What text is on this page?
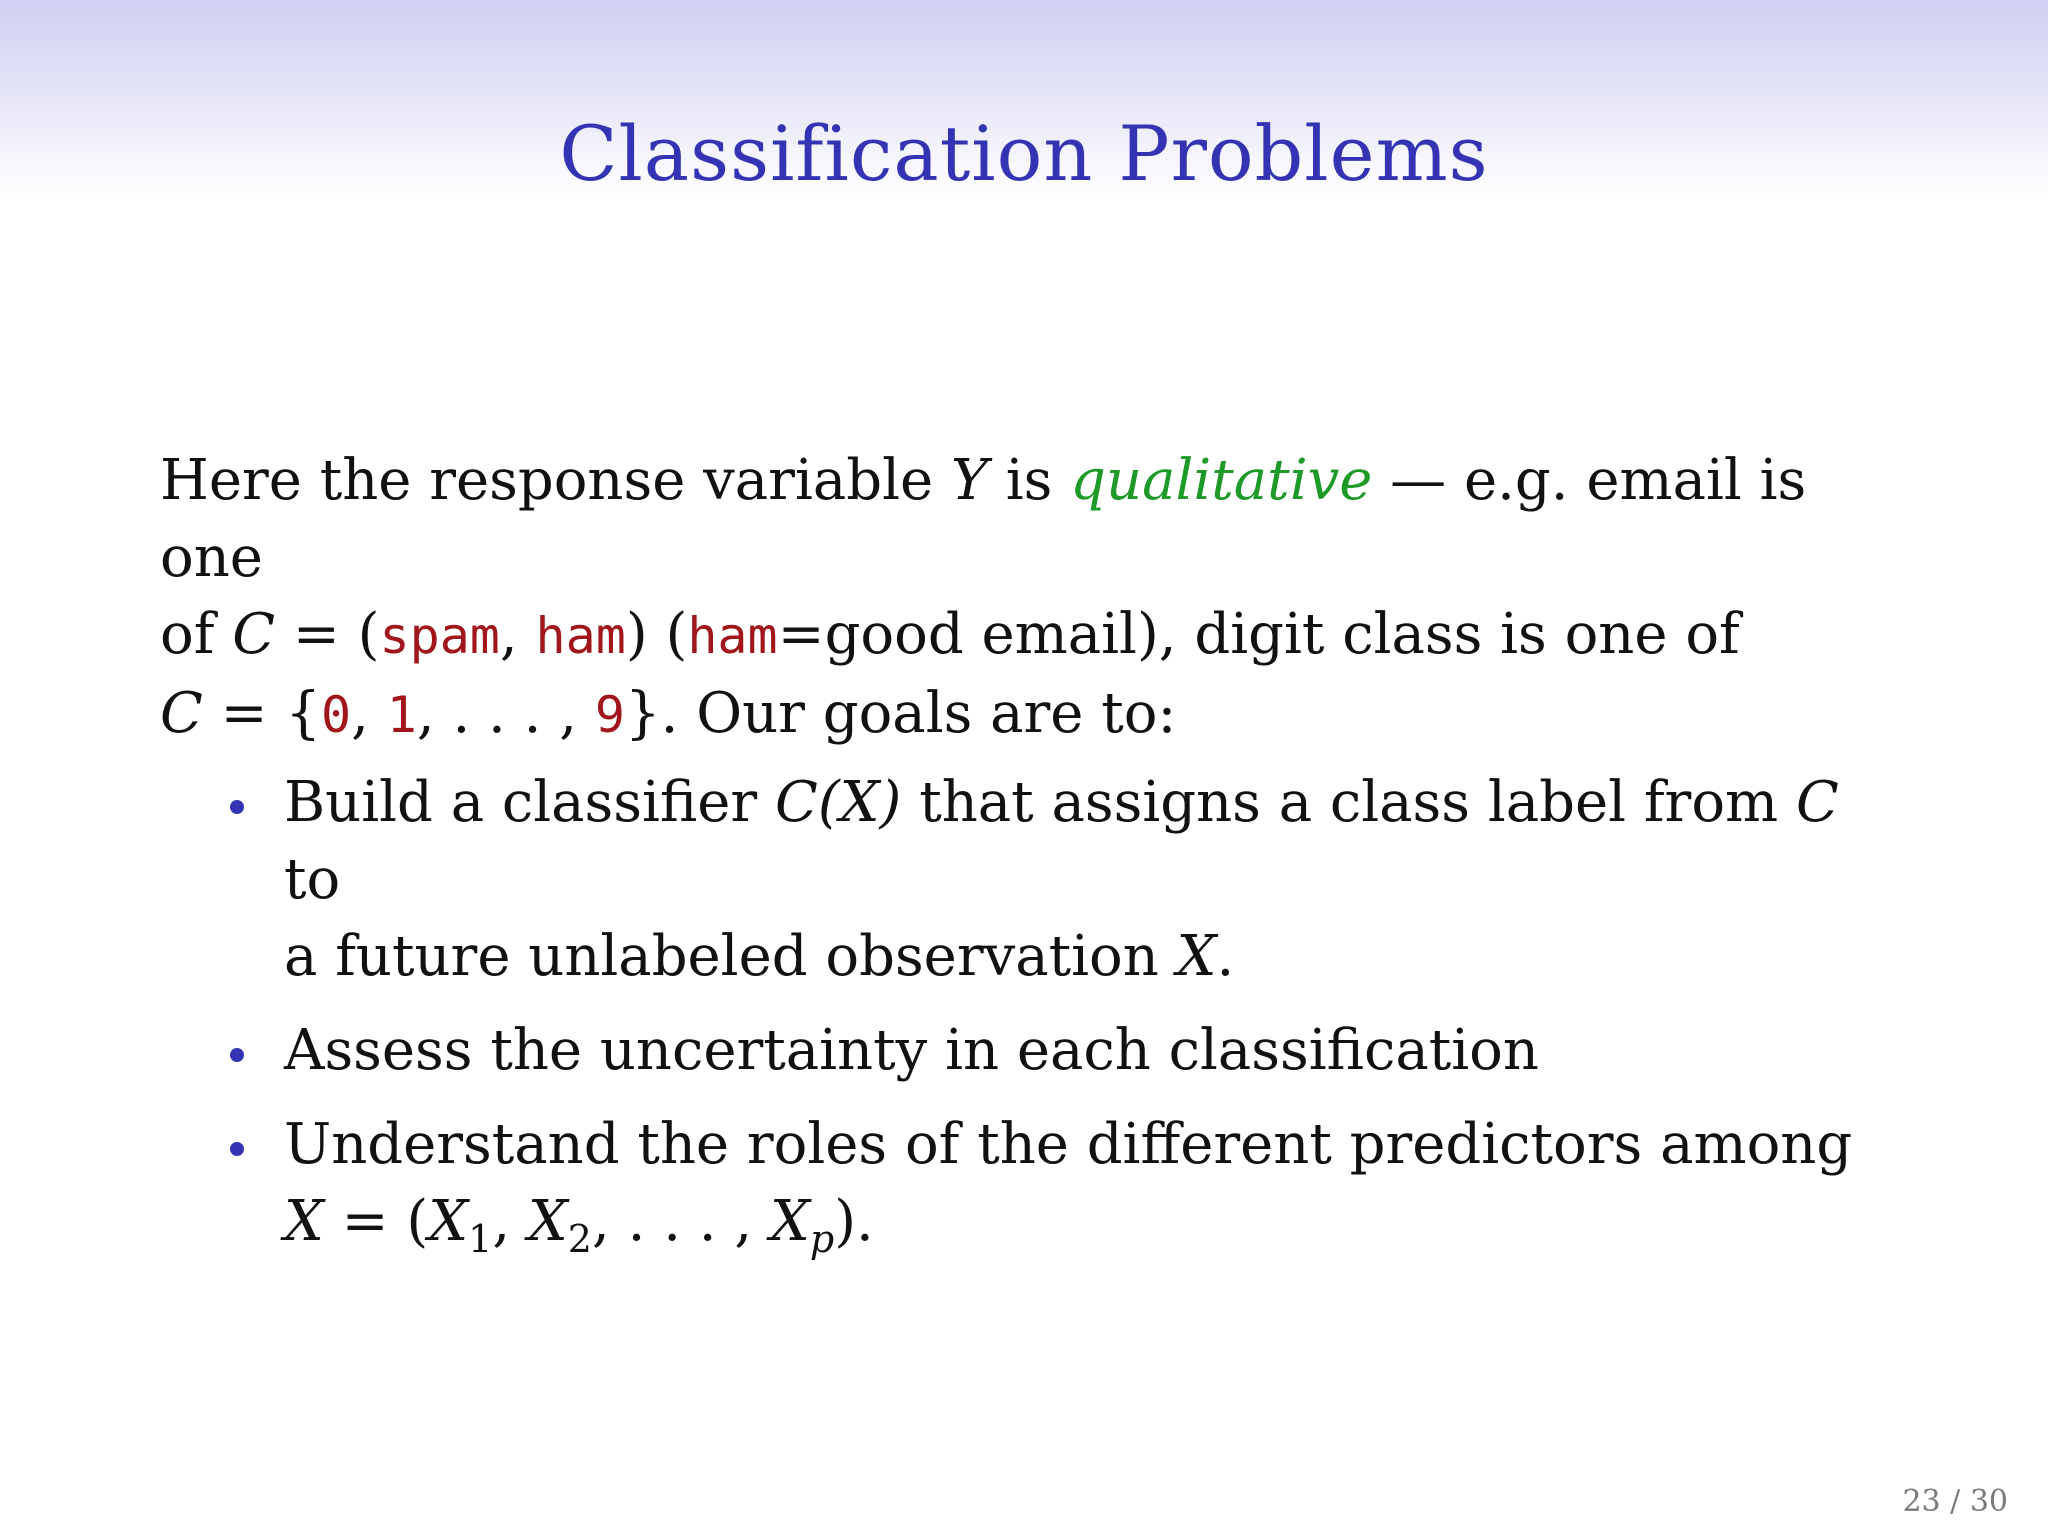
Classification Problems
Here the response variable Y is qualitative — e.g. email is one
of C = (spam, ham) (ham=good email), digit class is one of
C = {0, 1, . . . , 9}. Our goals are to:
Build a classifier C(X) that assigns a class label from C to
a future unlabeled observation X.
Assess the uncertainty in each classification
Understand the roles of the different predictors among
$X = (X_1$, $X_2$, . . . , $X_p$).
23 / 30
